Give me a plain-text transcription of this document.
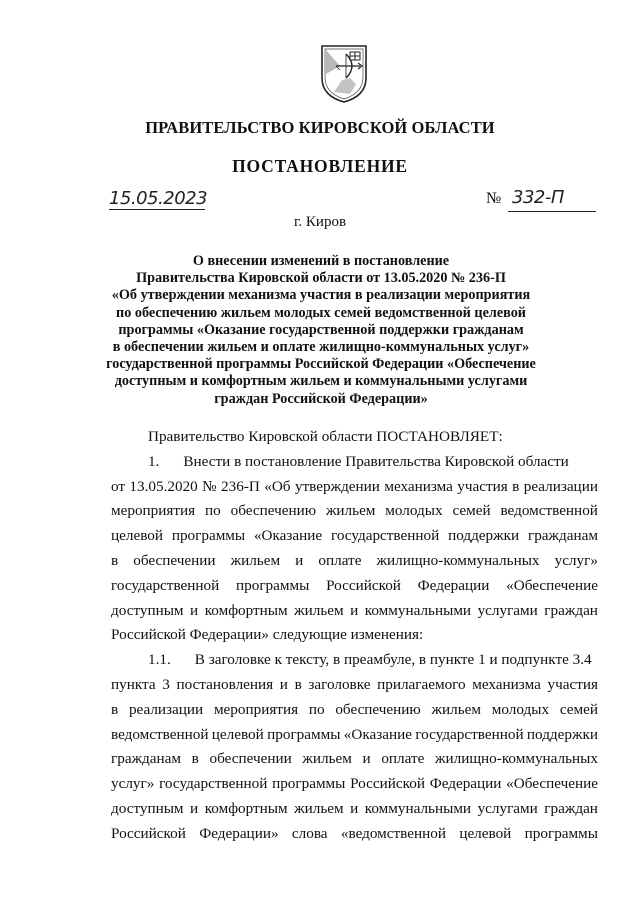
ПРАВИТЕЛЬСТВО КИРОВСКОЙ ОБЛАСТИ
ПОСТАНОВЛЕНИЕ
15.05.2023	№ 332-П
г. Киров
О внесении изменений в постановление
Правительства Кировской области от 13.05.2020 № 236-П
«Об утверждении механизма участия в реализации мероприятия
по обеспечению жильем молодых семей ведомственной целевой
программы «Оказание государственной поддержки гражданам
в обеспечении жильем и оплате жилищно-коммунальных услуг»
государственной программы Российской Федерации «Обеспечение
доступным и комфортным жильем и коммунальными услугами
граждан Российской Федерации»
Правительство Кировской области ПОСТАНОВЛЯЕТ:
1. Внести в постановление Правительства Кировской области
от 13.05.2020 № 236-П «Об утверждении механизма участия в реализации
мероприятия по обеспечению жильем молодых семей ведомственной
целевой программы «Оказание государственной поддержки гражданам
в обеспечении жильем и оплате жилищно-коммунальных услуг»
государственной программы Российской Федерации «Обеспечение
доступным и комфортным жильем и коммунальными услугами граждан
Российской Федерации» следующие изменения:
1.1. В заголовке к тексту, в преамбуле, в пункте 1 и подпункте 3.4
пункта 3 постановления и в заголовке прилагаемого механизма участия
в реализации мероприятия по обеспечению жильем молодых семей
ведомственной целевой программы «Оказание государственной поддержки
гражданам в обеспечении жильем и оплате жилищно-коммунальных
услуг» государственной программы Российской Федерации «Обеспечение
доступным и комфортным жильем и коммунальными услугами граждан
Российской Федерации» слова «ведомственной целевой программы
